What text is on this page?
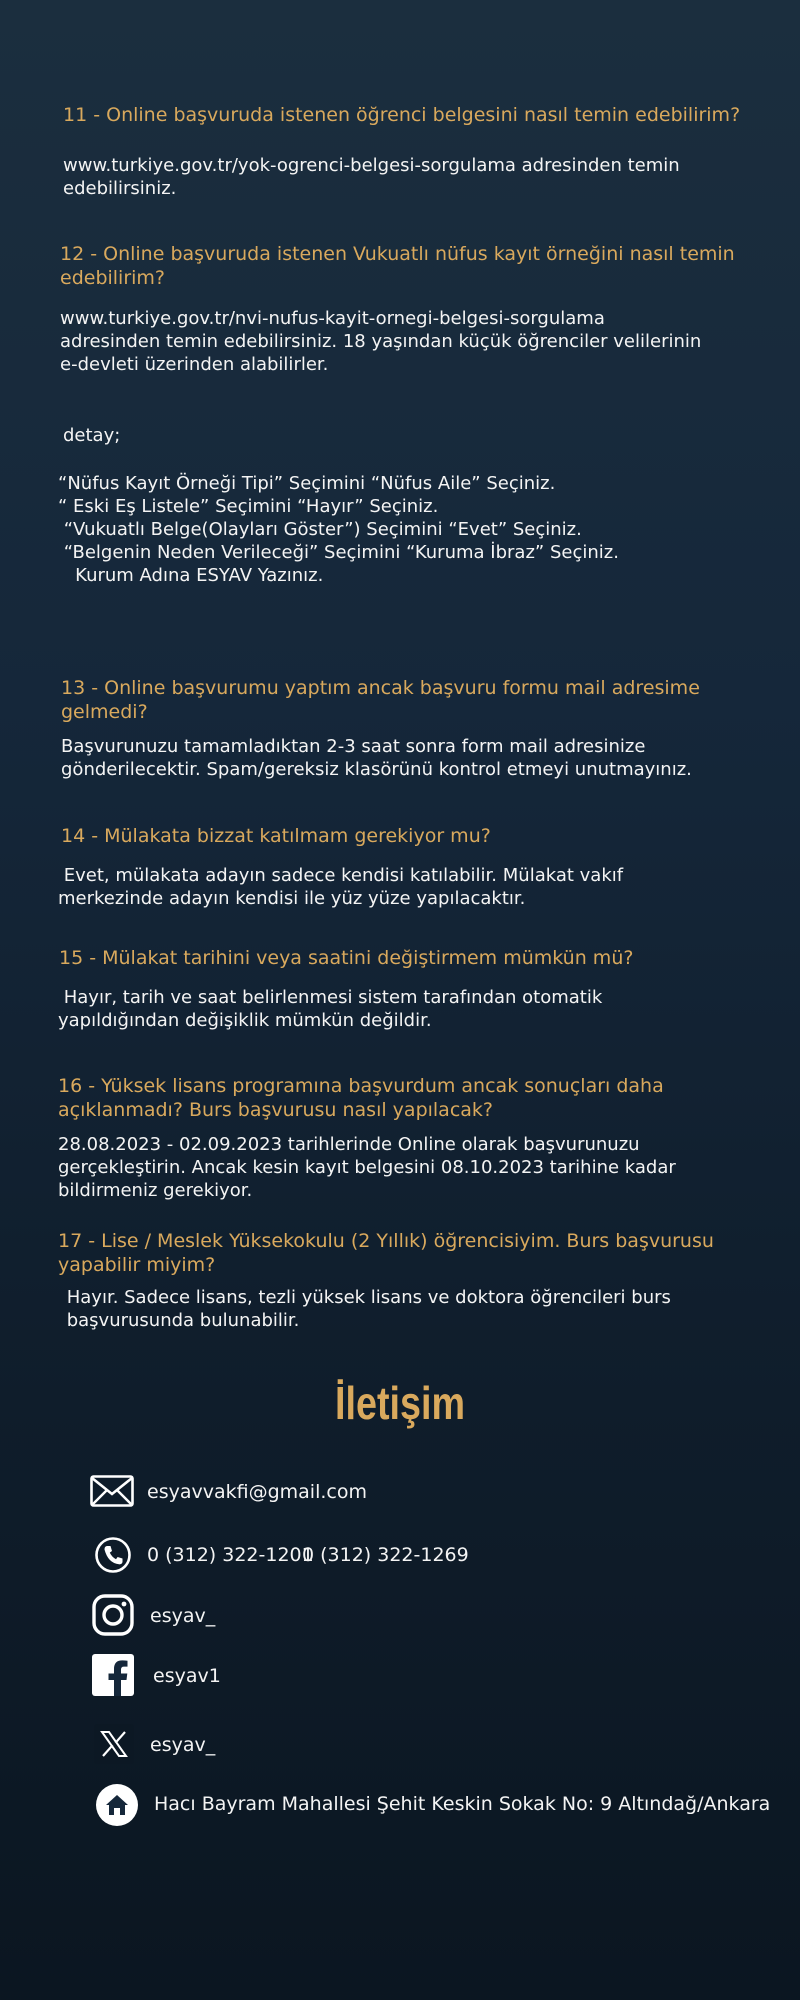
11 - Online başvuruda istenen öğrenci belgesini nasıl temin edebilirim?
www.turkiye.gov.tr/yok-ogrenci-belgesi-sorgulama adresinden temin
edebilirsiniz.
12 - Online başvuruda istenen Vukuatlı nüfus kayıt örneğini nasıl temin
edebilirim?
www.turkiye.gov.tr/nvi-nufus-kayit-ornegi-belgesi-sorgulama
adresinden temin edebilirsiniz. 18 yaşından küçük öğrenciler velilerinin
e-devleti üzerinden alabilirler.
detay;
“Nüfus Kayıt Örneği Tipi” Seçimini “Nüfus Aile” Seçiniz.
“ Eski Eş Listele” Seçimini “Hayır” Seçiniz.
“Vukuatlı Belge(Olayları Göster”) Seçimini “Evet” Seçiniz.
“Belgenin Neden Verileceği” Seçimini “Kuruma İbraz” Seçiniz.
Kurum Adına ESYAV Yazınız.
13 - Online başvurumu yaptım ancak başvuru formu mail adresime
gelmedi?
Başvurunuzu tamamladıktan 2-3 saat sonra form mail adresinize
gönderilecektir. Spam/gereksiz klasörünü kontrol etmeyi unutmayınız.
14 - Mülakata bizzat katılmam gerekiyor mu?
Evet, mülakata adayın sadece kendisi katılabilir. Mülakat vakıf
merkezinde adayın kendisi ile yüz yüze yapılacaktır.
15 - Mülakat tarihini veya saatini değiştirmem mümkün mü?
Hayır, tarih ve saat belirlenmesi sistem tarafından otomatik
yapıldığından değişiklik mümkün değildir.
16 - Yüksek lisans programına başvurdum ancak sonuçları daha
açıklanmadı? Burs başvurusu nasıl yapılacak?
28.08.2023 - 02.09.2023 tarihlerinde Online olarak başvurunuzu
gerçekleştirin. Ancak kesin kayıt belgesini 08.10.2023 tarihine kadar
bildirmeniz gerekiyor.
17 - Lise / Meslek Yüksekokulu (2 Yıllık) öğrencisiyim. Burs başvurusu
yapabilir miyim?
Hayır. Sadece lisans, tezli yüksek lisans ve doktora öğrencileri burs
başvurusunda bulunabilir.
İletişim
esyavvakfi@gmail.com
0 (312) 322-1201
0 (312) 322-1269
esyav_
esyav1
esyav_
Hacı Bayram Mahallesi Şehit Keskin Sokak No: 9 Altındağ/Ankara
